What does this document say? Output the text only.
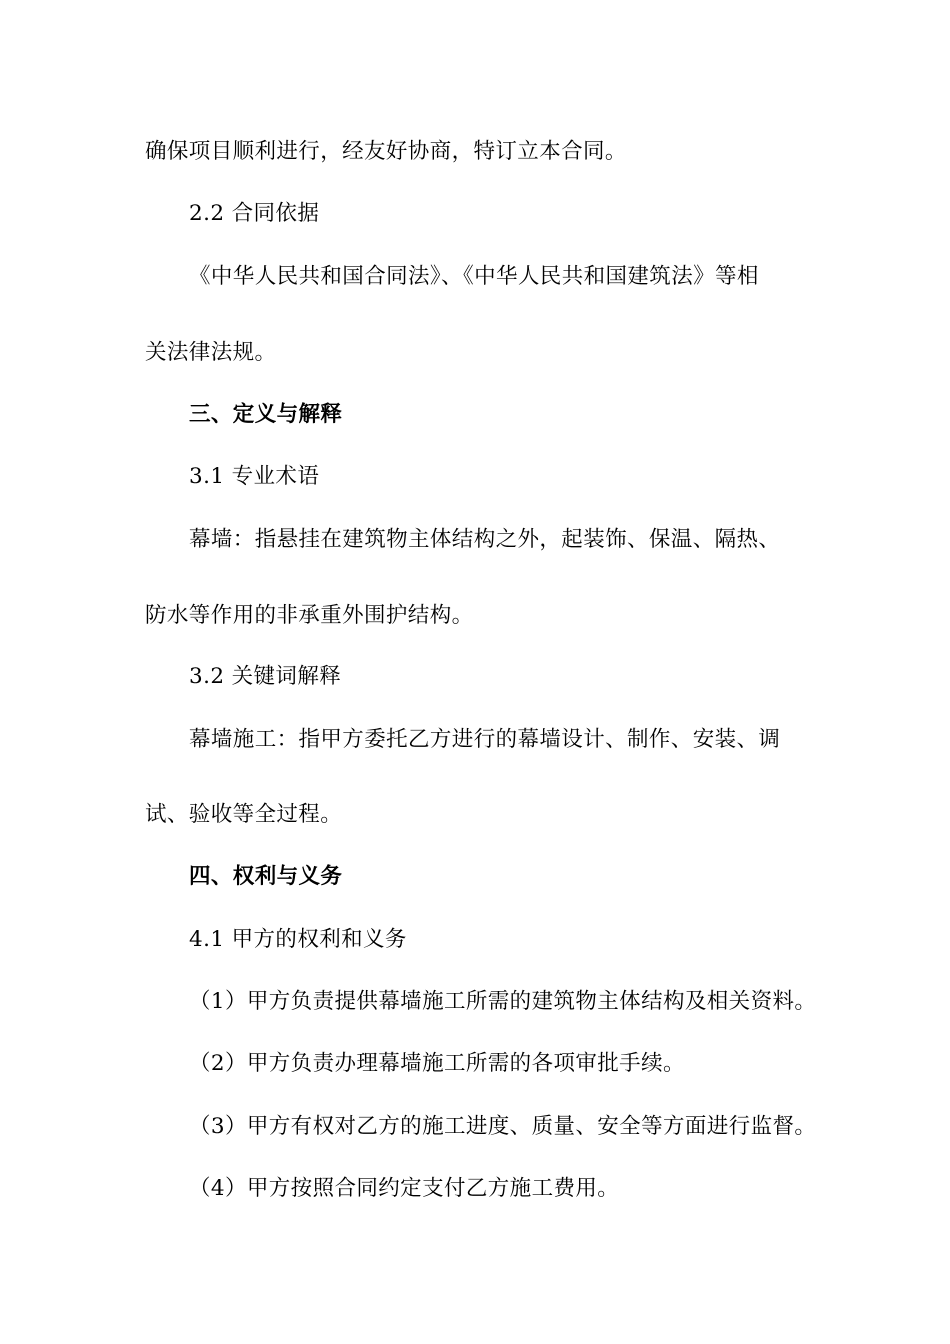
确保项目顺利进行，经友好协商，特订立本合同。
2.2 合同依据
《中华人民共和国合同法》、《中华人民共和国建筑法》等相
关法律法规。
三、定义与解释
3.1 专业术语
幕墙：指悬挂在建筑物主体结构之外，起装饰、保温、隔热、
防水等作用的非承重外围护结构。
3.2 关键词解释
幕墙施工：指甲方委托乙方进行的幕墙设计、制作、安装、调
试、验收等全过程。
四、权利与义务
4.1 甲方的权利和义务
（1）甲方负责提供幕墙施工所需的建筑物主体结构及相关资料。
（2）甲方负责办理幕墙施工所需的各项审批手续。
（3）甲方有权对乙方的施工进度、质量、安全等方面进行监督。
（4）甲方按照合同约定支付乙方施工费用。
